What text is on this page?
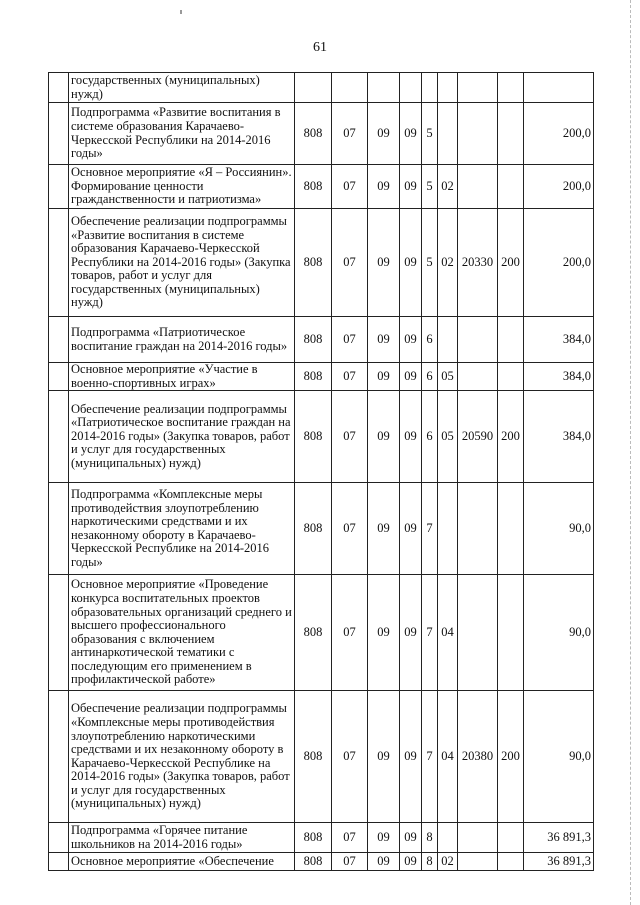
61
	государственных (муниципальных) нужд)									
	Подпрограмма «Развитие воспитания в системе образования Карачаево-Черкесской Республики на 2014-2016 годы»	808	07	09	09	5				200,0
	Основное мероприятие «Я – Россиянин». Формирование ценности гражданственности и патриотизма»	808	07	09	09	5	02			200,0
	Обеспечение реализации подпрограммы «Развитие воспитания в системе образования Карачаево-Черкесской Республики на 2014-2016 годы» (Закупка товаров, работ и услуг для государственных (муниципальных) нужд)	808	07	09	09	5	02	20330	200	200,0
	Подпрограмма «Патриотическое воспитание граждан на 2014-2016 годы»	808	07	09	09	6				384,0
	Основное мероприятие «Участие в военно-спортивных играх»	808	07	09	09	6	05			384,0
	Обеспечение реализации подпрограммы «Патриотическое воспитание граждан на 2014-2016 годы» (Закупка товаров, работ и услуг для государственных (муниципальных) нужд)	808	07	09	09	6	05	20590	200	384,0
	Подпрограмма «Комплексные меры противодействия злоупотреблению наркотическими средствами и их незаконному обороту в Карачаево-Черкесской Республике на 2014-2016 годы»	808	07	09	09	7				90,0
	Основное мероприятие «Проведение конкурса воспитательных проектов образовательных организаций среднего и высшего профессионального образования с включением антинаркотической тематики с последующим его применением в профилактической работе»	808	07	09	09	7	04			90,0
	Обеспечение реализации подпрограммы «Комплексные меры противодействия злоупотреблению наркотическими средствами и их незаконному обороту в Карачаево-Черкесской Республике на 2014-2016 годы» (Закупка товаров, работ и услуг для государственных (муниципальных) нужд)	808	07	09	09	7	04	20380	200	90,0
	Подпрограмма «Горячее питание школьников на 2014-2016 годы»	808	07	09	09	8				36 891,3
	Основное мероприятие «Обеспечение	808	07	09	09	8	02			36 891,3
